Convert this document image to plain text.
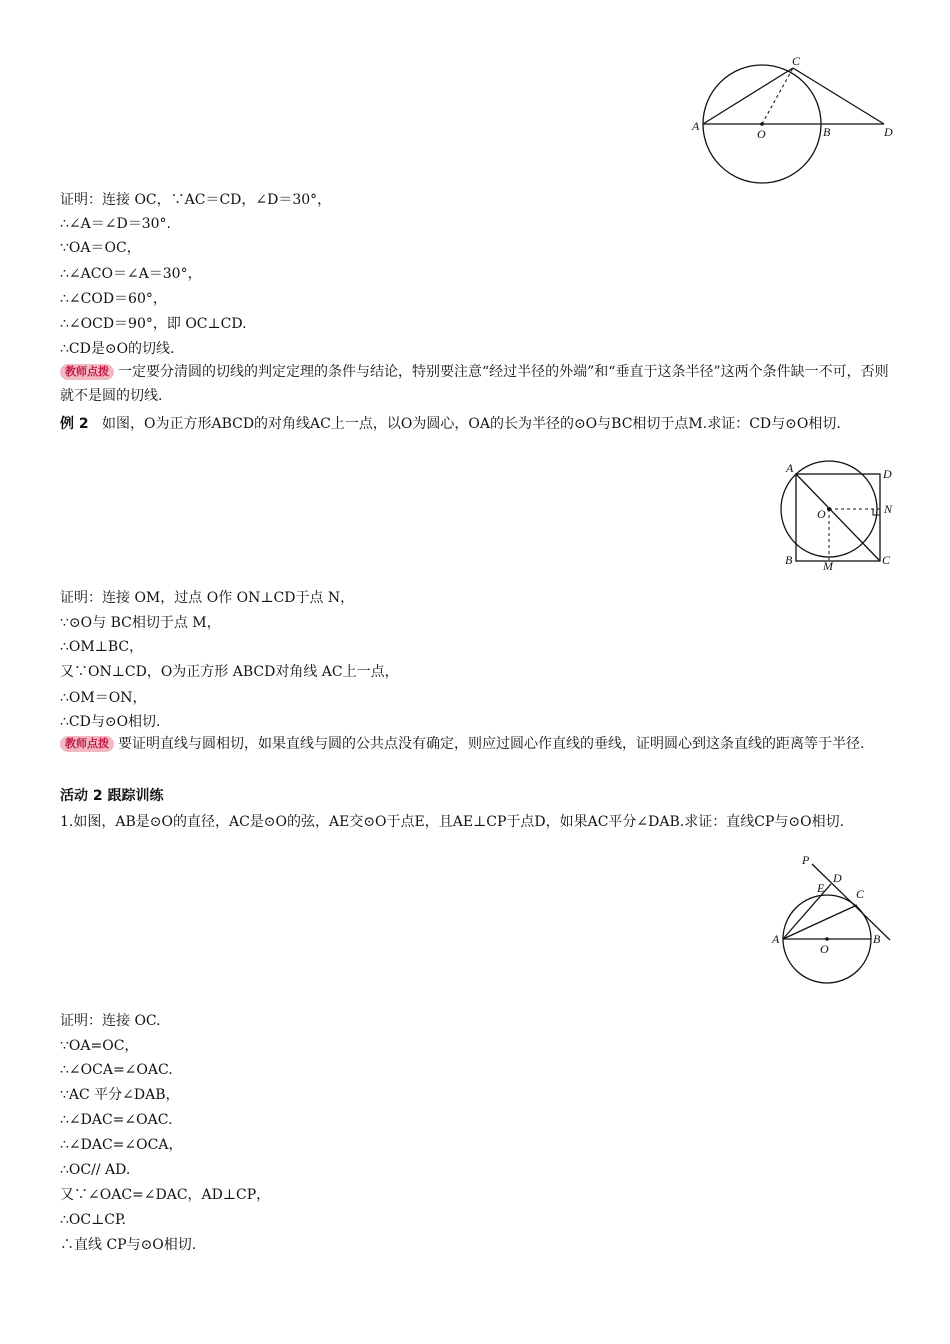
A
O	B
C
D
证明：连接 OC，∵AC＝CD，∠D＝30°，
∴∠A＝∠D＝30°.
∵OA＝OC，
∴∠ACO＝∠A＝30°，
∴∠COD＝60°，
∴∠OCD＝90°，即 OC⊥CD.
∴CD是⊙O的切线.
教师点拨 一定要分清圆的切线的判定定理的条件与结论，特别要注意“经过半径的外端”和“垂直于这条半径”这两个条件缺一不可，否则就不是圆的切线.
例 2 如图，O为正方形ABCD的对角线AC上一点，以O为圆心，OA的长为半径的⊙O与BC相切于点M.求证：CD与⊙O相切.
A	D
O	N
B	M	C
证明：连接 OM，过点 O作 ON⊥CD于点 N，
∵⊙O与 BC相切于点 M，
∴OM⊥BC，
又∵ON⊥CD，O为正方形 ABCD对角线 AC上一点，
∴OM＝ON，
∴CD与⊙O相切.
教师点拨 要证明直线与圆相切，如果直线与圆的公共点没有确定，则应过圆心作直线的垂线，证明圆心到这条直线的距离等于半径.
活动 2 跟踪训练
1.如图，AB是⊙O的直径，AC是⊙O的弦，AE交⊙O于点E，且AE⊥CP于点D，如果AC平分∠DAB.求证：直线CP与⊙O相切.
P
D
E	C
A
O
B
证明：连接 OC.
∵OA=OC，
∴∠OCA=∠OAC.
∵AC 平分∠DAB，
∴∠DAC=∠OAC.
∴∠DAC=∠OCA，
∴OC// AD.
又∵∠OAC=∠DAC，AD⊥CP，
∴OC⊥CP.
∴直线 CP与⊙O相切.
